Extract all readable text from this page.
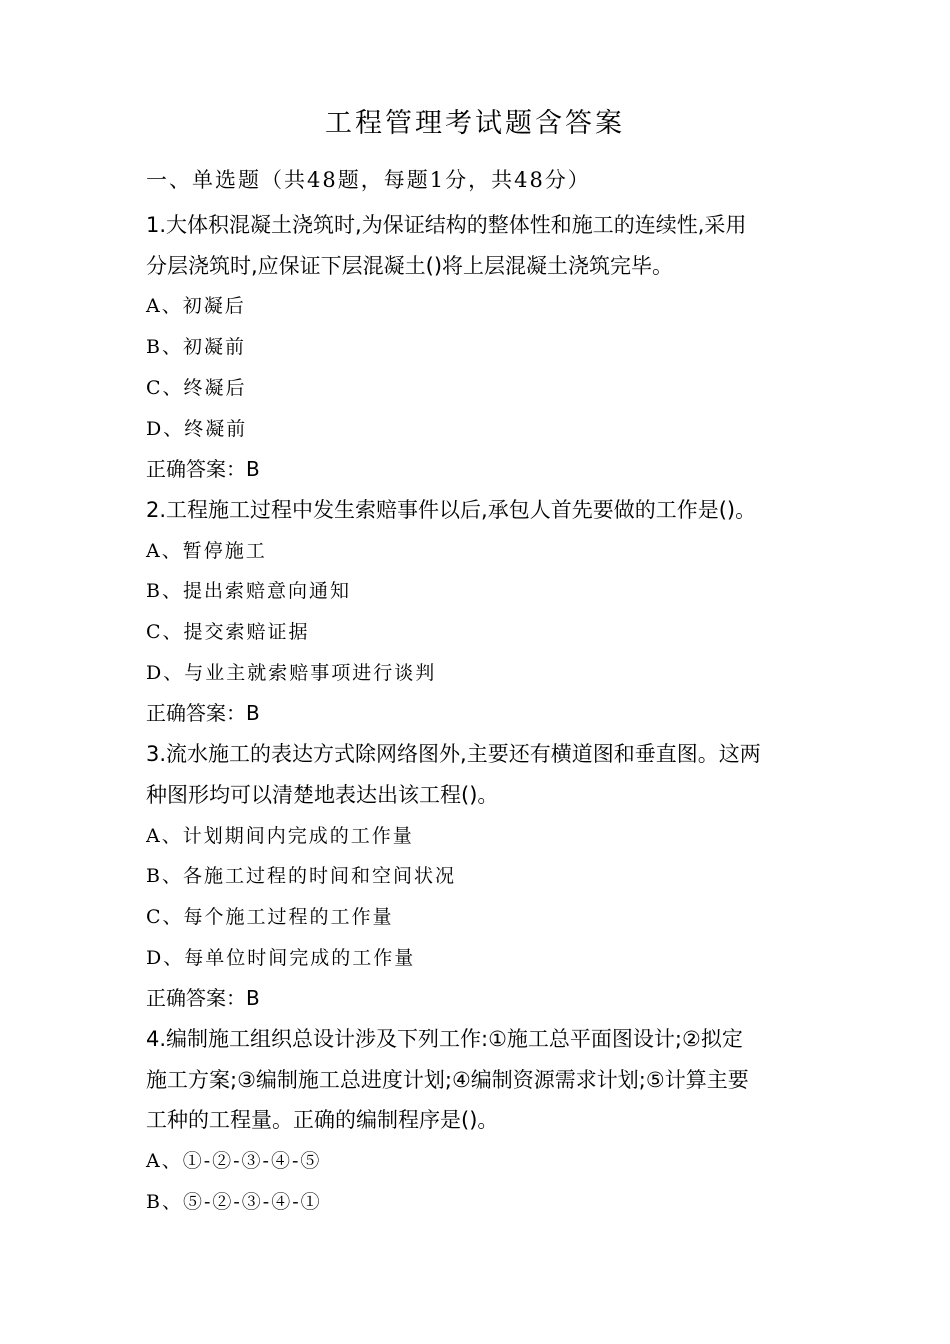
工程管理考试题含答案
一、单选题（共48题，每题1分，共48分）

1.大体积混凝土浇筑时,为保证结构的整体性和施工的连续性,采用

分层浇筑时,应保证下层混凝土()将上层混凝土浇筑完毕。

A、初凝后

B、初凝前

C、终凝后

D、终凝前

正确答案：B

2.工程施工过程中发生索赔事件以后,承包人首先要做的工作是()。

A、暂停施工

B、提出索赔意向通知

C、提交索赔证据

D、与业主就索赔事项进行谈判

正确答案：B

3.流水施工的表达方式除网络图外,主要还有横道图和垂直图。这两

种图形均可以清楚地表达出该工程()。

A、计划期间内完成的工作量

B、各施工过程的时间和空间状况

C、每个施工过程的工作量

D、每单位时间完成的工作量

正确答案：B

4.编制施工组织总设计涉及下列工作:①施工总平面图设计;②拟定

施工方案;③编制施工总进度计划;④编制资源需求计划;⑤计算主要

工种的工程量。正确的编制程序是()。

A、①-②-③-④-⑤

B、⑤-②-③-④-①
